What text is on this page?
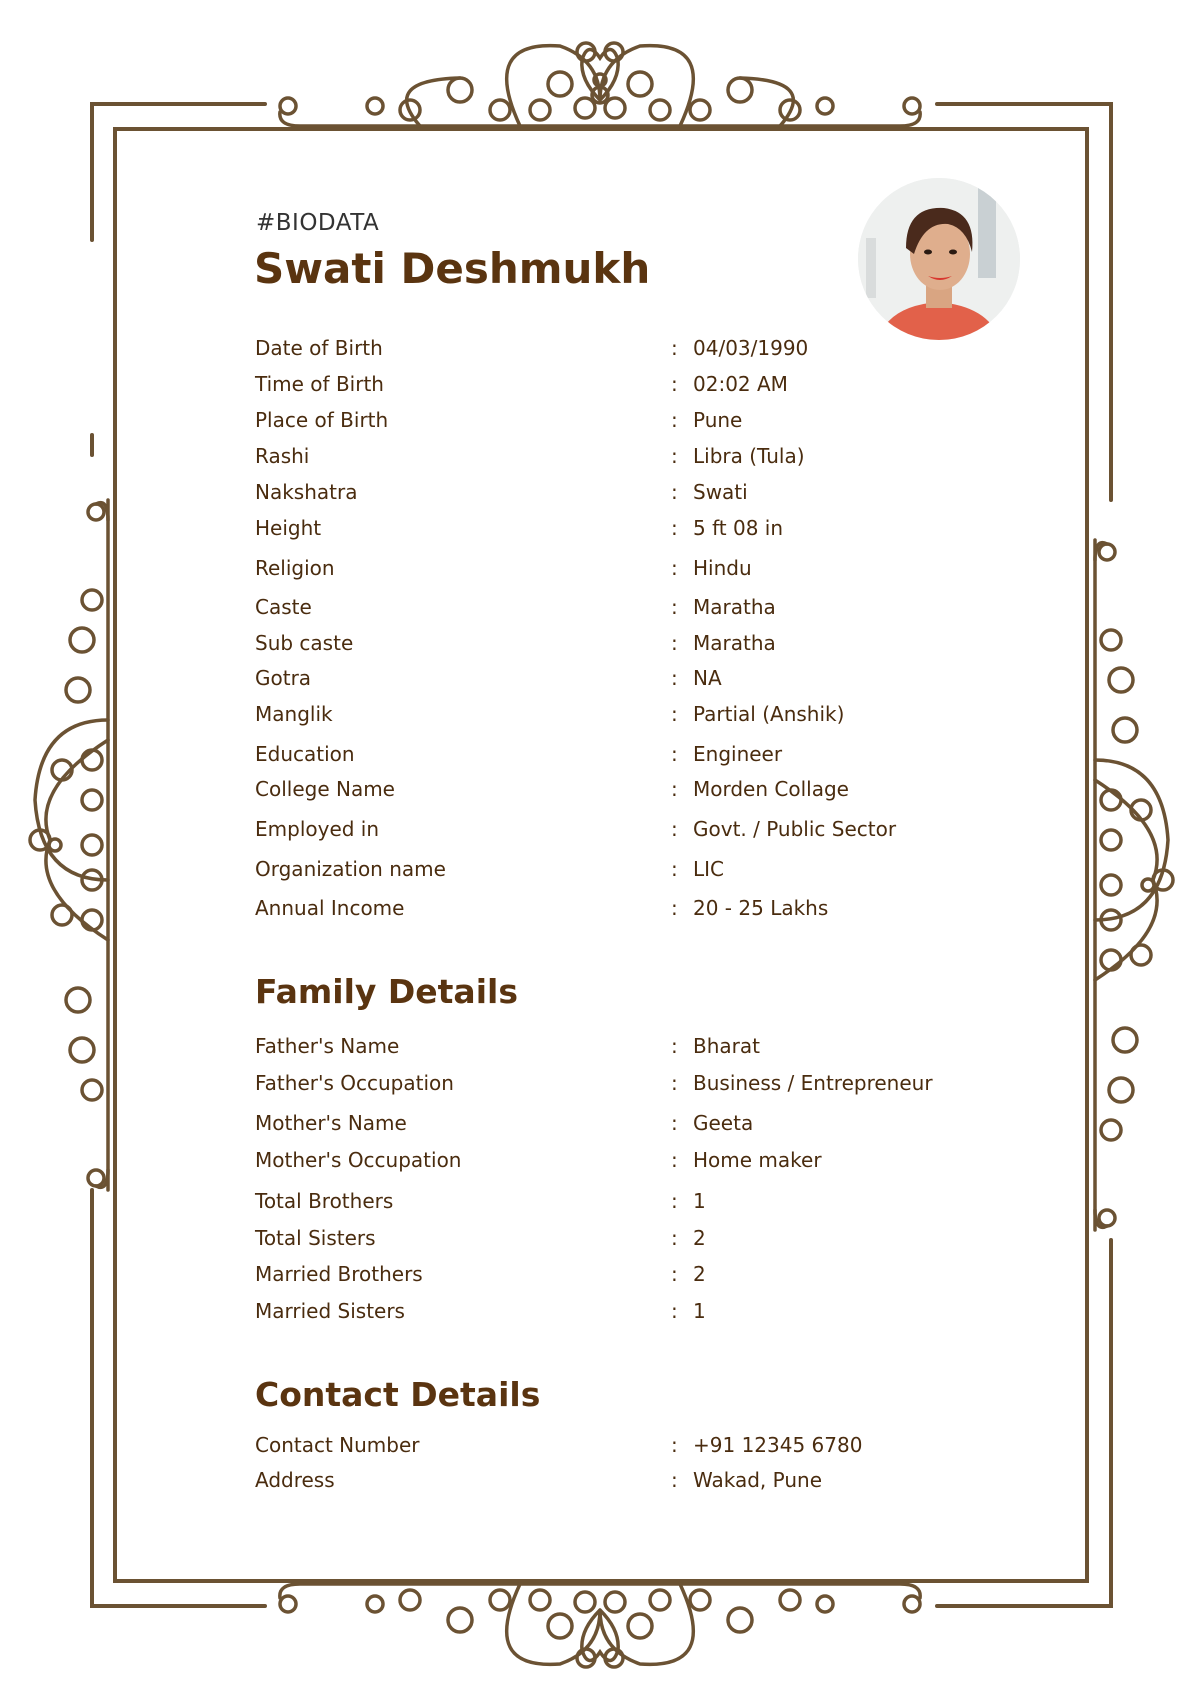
#BIODATA
Swati Deshmukh
Date of Birth	: 04/03/1990
Time of Birth	: 02:02 AM
Place of Birth	: Pune
Rashi	: Libra (Tula)
Nakshatra	: Swati
Height	: 5 ft 08 in
Religion	: Hindu
Caste	: Maratha
Sub caste	: Maratha
Gotra	: NA
Manglik	: Partial (Anshik)
Education	: Engineer
College Name	: Morden Collage
Employed in	: Govt. / Public Sector
Organization name	: LIC
Annual Income	: 20 - 25 Lakhs
Family Details
Father's Name	: Bharat
Father's Occupation	: Business / Entrepreneur
Mother's Name	: Geeta
Mother's Occupation	: Home maker
Total Brothers	: 1
Total Sisters	: 2
Married Brothers	: 2
Married Sisters	: 1
Contact Details
Contact Number	: +91 12345 6780
Address	: Wakad, Pune
